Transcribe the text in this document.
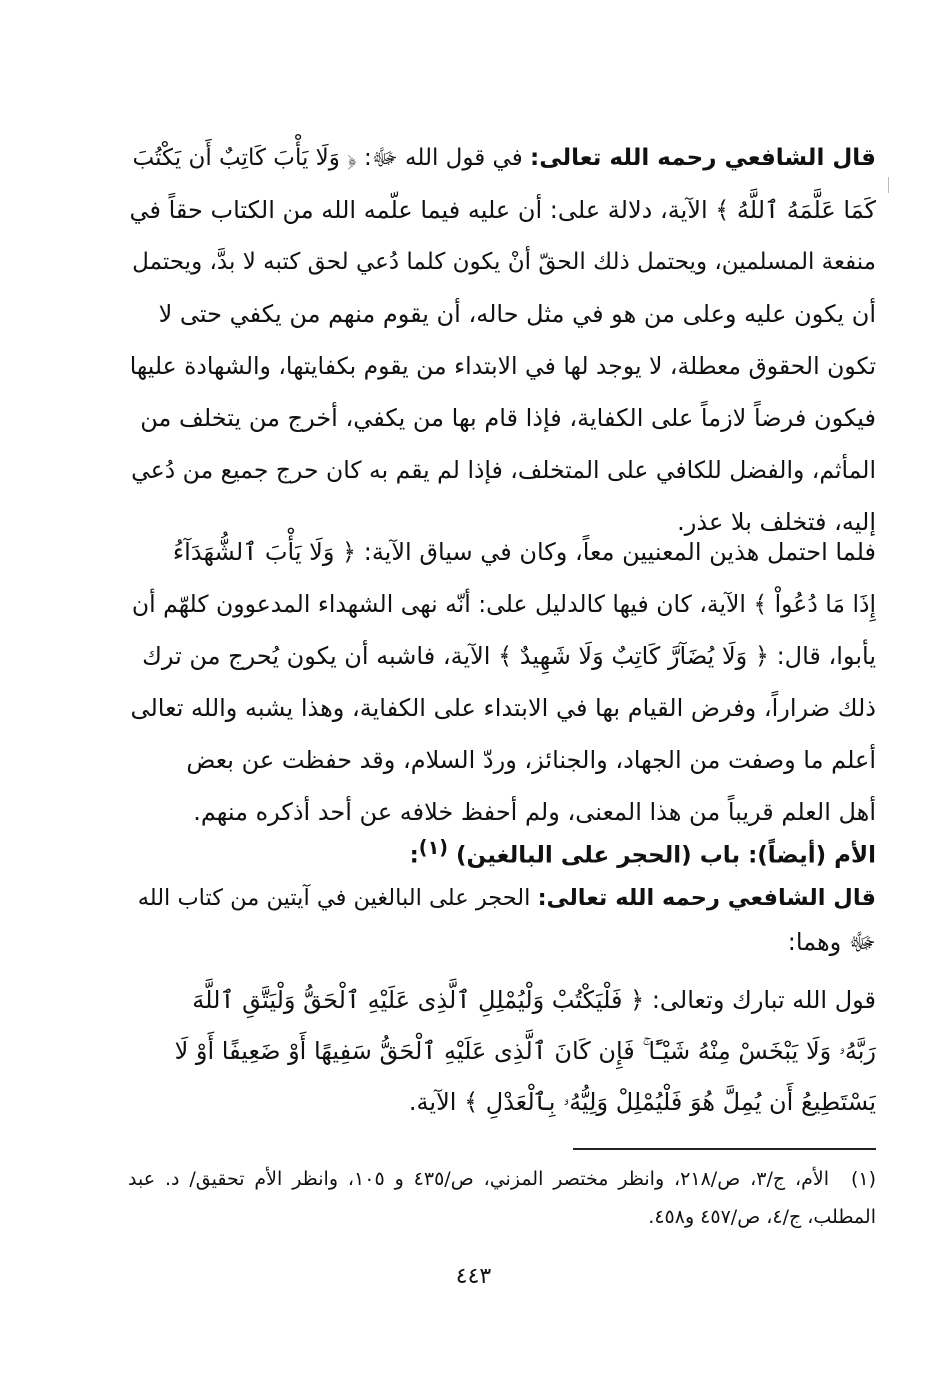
قال الشافعي رحمه الله تعالى: في قول الله ﷻ: ﴿ وَلَا يَأْبَ كَاتِبٌ أَن يَكْتُبَ
كَمَا عَلَّمَهُ ٱللَّهُ ﴾ الآية، دلالة على: أن عليه فيما علّمه الله من الكتاب حقاً في
منفعة المسلمين، ويحتمل ذلك الحقّ أنْ يكون كلما دُعي لحق كتبه لا بدَّ، ويحتمل
أن يكون عليه وعلى من هو في مثل حاله، أن يقوم منهم من يكفي حتى لا
تكون الحقوق معطلة، لا يوجد لها في الابتداء من يقوم بكفايتها، والشهادة عليها
فيكون فرضاً لازماً على الكفاية، فإذا قام بها من يكفي، أخرج من يتخلف من
المأثم، والفضل للكافي على المتخلف، فإذا لم يقم به كان حرج جميع من دُعي
إليه، فتخلف بلا عذر.
فلما احتمل هذين المعنيين معاً، وكان في سياق الآية: ﴿ وَلَا يَأْبَ ٱلشُّهَدَآءُ
إِذَا مَا دُعُواْ ﴾ الآية، كان فيها كالدليل على: أنّه نهى الشهداء المدعوون كلهّم أن
يأبوا، قال: ﴿ وَلَا يُضَآرَّ كَاتِبٌ وَلَا شَهِيدٌ ﴾ الآية، فاشبه أن يكون يُحرج من ترك
ذلك ضراراً، وفرض القيام بها في الابتداء على الكفاية، وهذا يشبه والله تعالى
أعلم ما وصفت من الجهاد، والجنائز، وردّ السلام، وقد حفظت عن بعض
أهل العلم قريباً من هذا المعنى، ولم أحفظ خلافه عن أحد أذكره منهم.
الأم (أيضاً): باب (الحجر على البالغين) $^{(١)}$:
قال الشافعي رحمه الله تعالى: الحجر على البالغين في آيتين من كتاب الله
ﷻ وهما:
قول الله تبارك وتعالى: ﴿ فَلْيَكْتُبْ وَلْيُمْلِلِ ٱلَّذِى عَلَيْهِ ٱلْحَقُّ وَلْيَتَّقِ ٱللَّهَ
رَبَّهُۥ وَلَا يَبْخَسْ مِنْهُ شَيْـًٔا ۚ فَإِن كَانَ ٱلَّذِى عَلَيْهِ ٱلْحَقُّ سَفِيهًا أَوْ ضَعِيفًا أَوْ لَا
يَسْتَطِيعُ أَن يُمِلَّ هُوَ فَلْيُمْلِلْ وَلِيُّهُۥ بِٱلْعَدْلِ ﴾ الآية.
(١) الأم، ج/٣، ص/٢١٨، وانظر مختصر المزني، ص/٤٣٥ و ١٠٥، وانظر الأم تحقيق/ د. عبد المطلب، ج/٤، ص/٤٥٧ و٤٥٨.
٤٤٣
